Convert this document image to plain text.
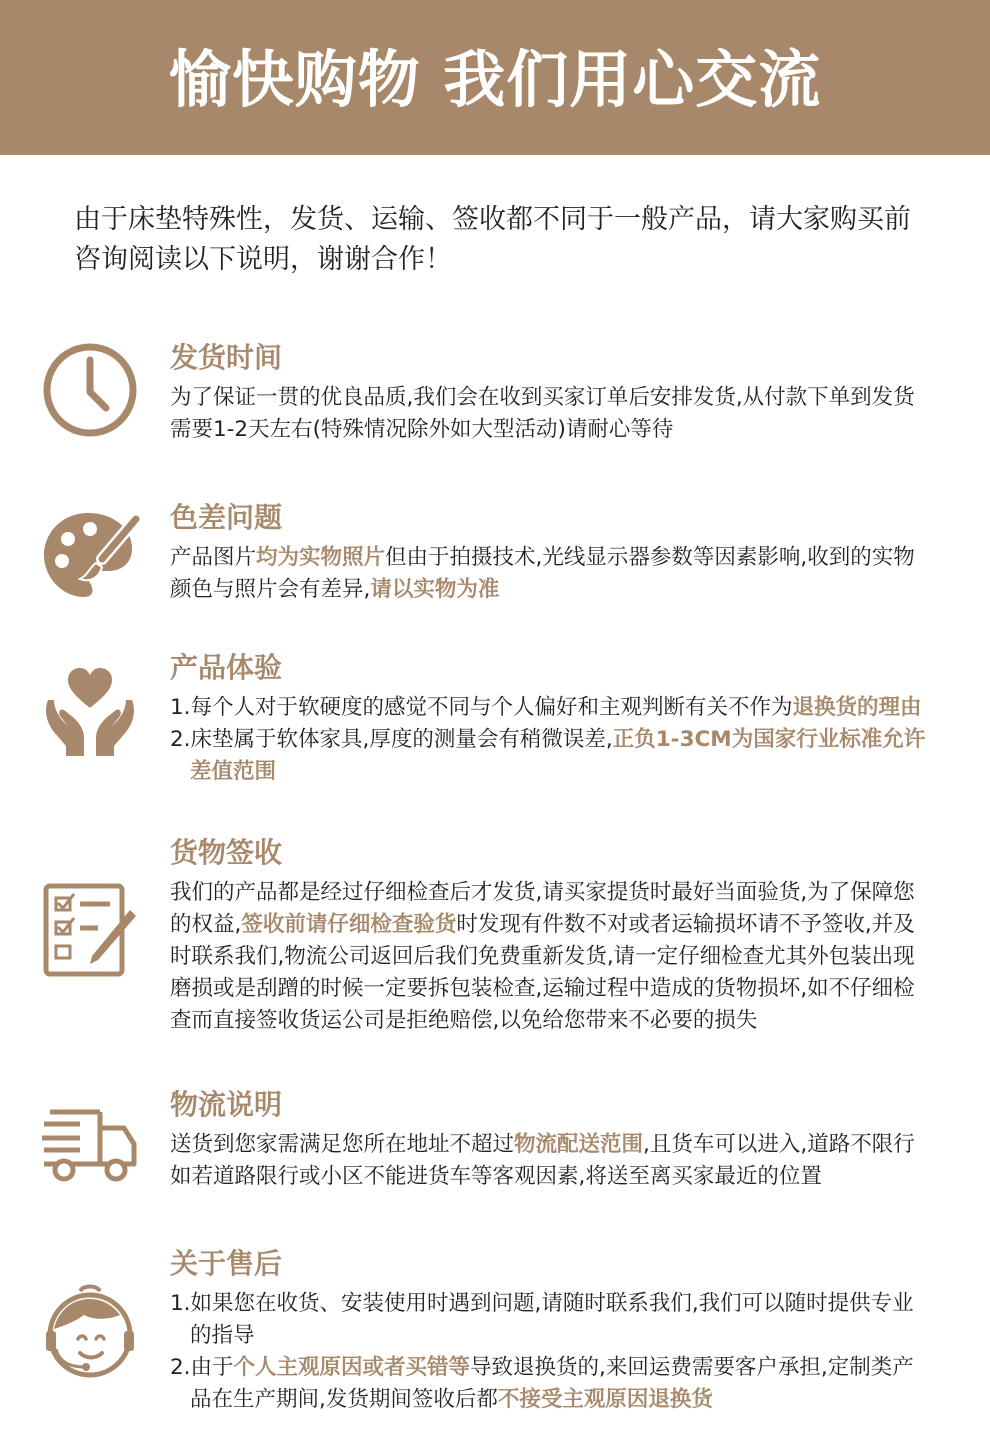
愉快购物 我们用心交流

由于床垫特殊性，发货、运输、签收都不同于一般产品，请大家购买前

咨询阅读以下说明，谢谢合作！

发货时间

为了保证一贯的优良品质,我们会在收到买家订单后安排发货,从付款下单到发货

需要1-2天左右(特殊情况除外如大型活动)请耐心等待

色差问题

产品图片均为实物照片但由于拍摄技术,光线显示器参数等因素影响,收到的实物

颜色与照片会有差异,请以实物为准

产品体验

1.每个人对于软硬度的感觉不同与个人偏好和主观判断有关不作为退换货的理由

2.床垫属于软体家具,厚度的测量会有稍微误差,正负1-3CM为国家行业标准允许

差值范围

货物签收

我们的产品都是经过仔细检查后才发货,请买家提货时最好当面验货,为了保障您

的权益,签收前请仔细检查验货时发现有件数不对或者运输损坏请不予签收,并及

时联系我们,物流公司返回后我们免费重新发货,请一定仔细检查尤其外包装出现

磨损或是刮蹭的时候一定要拆包装检查,运输过程中造成的货物损坏,如不仔细检

查而直接签收货运公司是拒绝赔偿,以免给您带来不必要的损失

物流说明

送货到您家需满足您所在地址不超过物流配送范围,且货车可以进入,道路不限行

如若道路限行或小区不能进货车等客观因素,将送至离买家最近的位置

关于售后

1.如果您在收货、安装使用时遇到问题,请随时联系我们,我们可以随时提供专业

的指导

2.由于个人主观原因或者买错等导致退换货的,来回运费需要客户承担,定制类产

品在生产期间,发货期间签收后都不接受主观原因退换货
